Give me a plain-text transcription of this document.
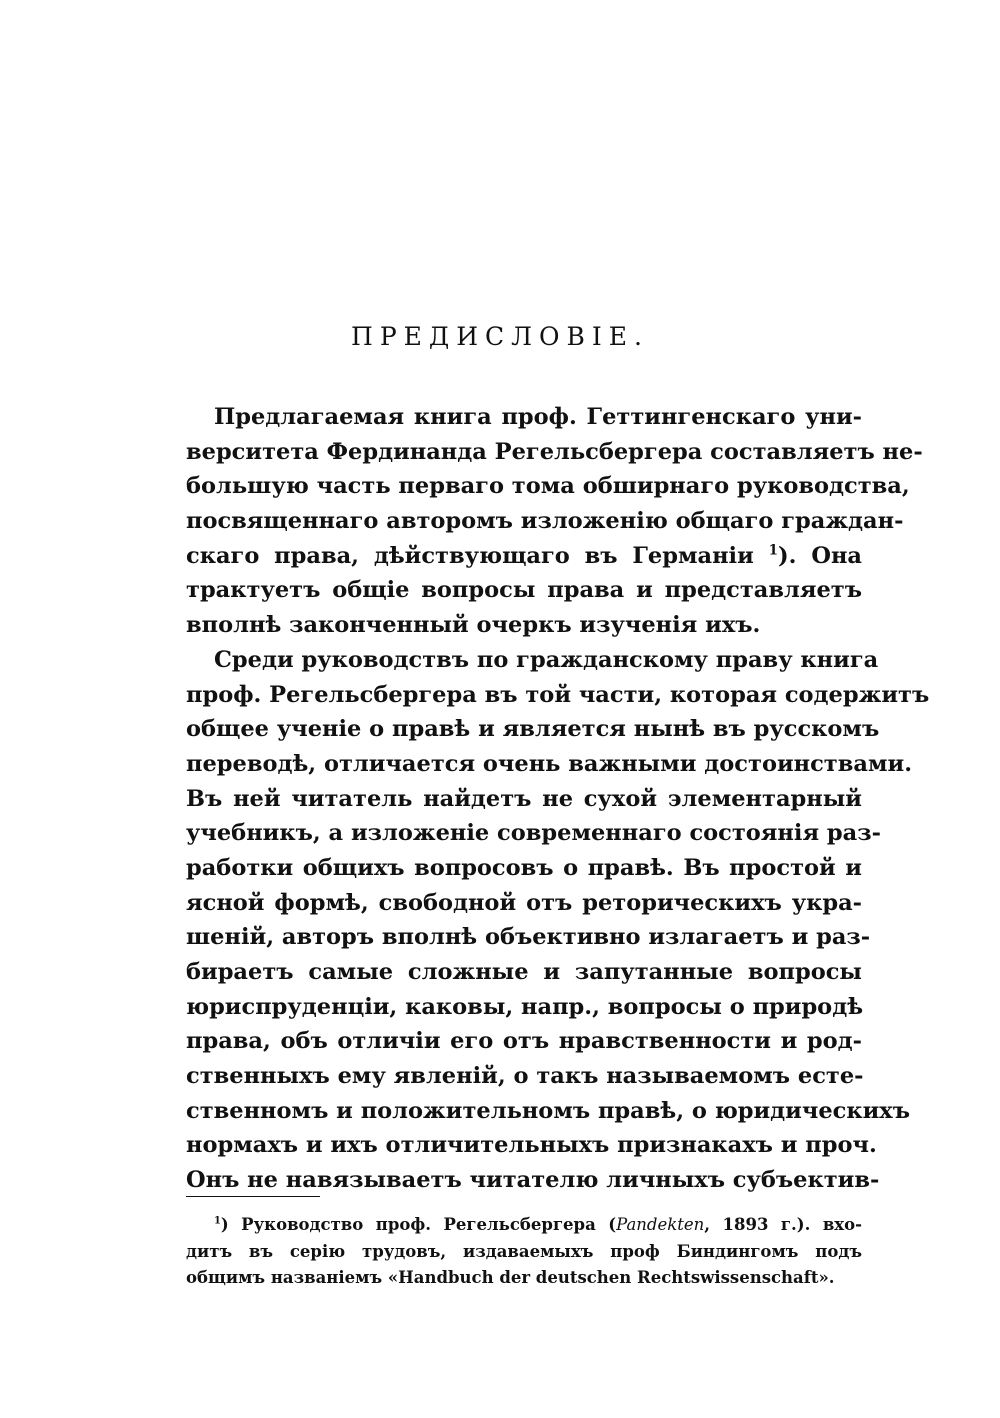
ПРЕДИСЛОВІЕ.
Предлагаемая книга проф. Геттингенскаго уни-
верситета Фердинанда Регельсбергера составляетъ не-
большую часть перваго тома обширнаго руководства,
посвященнаго авторомъ изложенію общаго граждан-
скаго права, дѣйствующаго въ Германіи $^1$). Она
трактуетъ общіе вопросы права и представляетъ
вполнѣ законченный очеркъ изученія ихъ.
Среди руководствъ по гражданскому праву книга
проф. Регельсбергера въ той части, которая содержитъ
общее ученіе о правѣ и является нынѣ въ русскомъ
переводѣ, отличается очень важными достоинствами.
Въ ней читатель найдетъ не сухой элементарный
учебникъ, а изложеніе современнаго состоянія раз-
работки общихъ вопросовъ о правѣ. Въ простой и
ясной формѣ, свободной отъ реторическихъ укра-
шеній, авторъ вполнѣ объективно излагаетъ и раз-
бираетъ самые сложные и запутанные вопросы
юриспруденціи, каковы, напр., вопросы о природѣ
права, объ отличіи его отъ нравственности и род-
ственныхъ ему явленій, о такъ называемомъ есте-
ственномъ и положительномъ правѣ, о юридическихъ
нормахъ и ихъ отличительныхъ признакахъ и проч.
Онъ не навязываетъ читателю личныхъ субъектив-
$^1$) Руководство проф. Регельсбергера (Pandekten, 1893 г.). вхо-
дитъ въ серію трудовъ, издаваемыхъ проф Биндингомъ подъ
общимъ названіемъ «Handbuch der deutschen Rechtswissenschaft».
